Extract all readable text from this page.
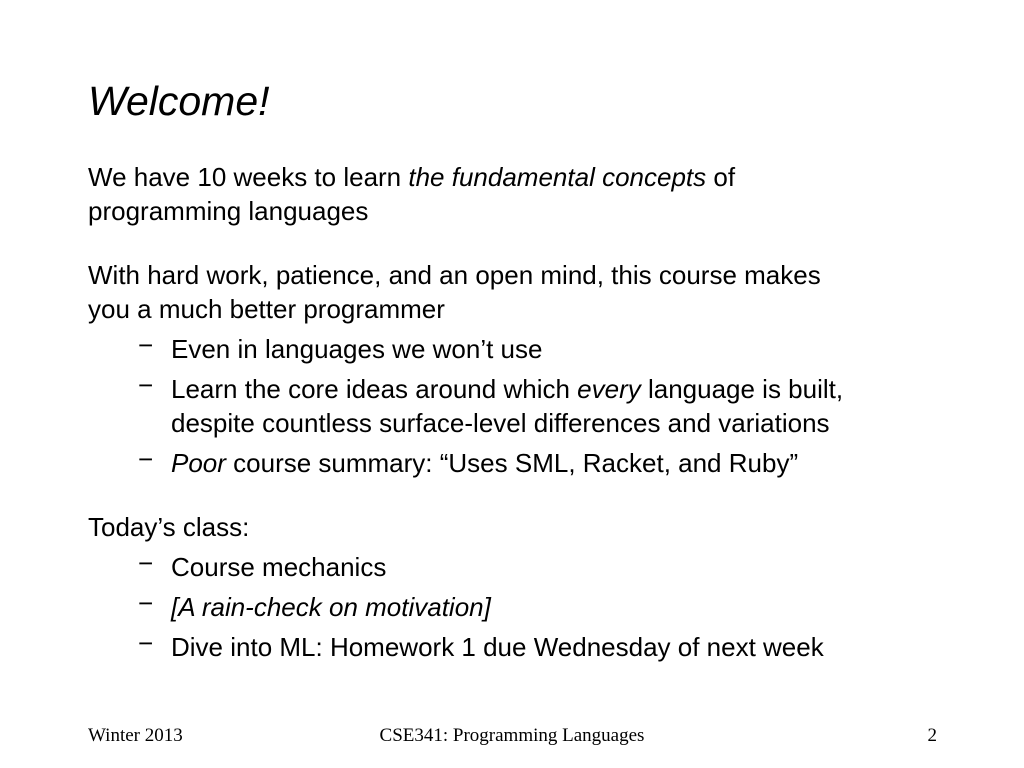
Welcome!

We have 10 weeks to learn the fundamental concepts of
programming languages

With hard work, patience, and an open mind, this course makes
you a much better programmer

− Even in languages we won’t use

− Learn the core ideas around which every language is built,
despite countless surface-level differences and variations

− Poor course summary: “Uses SML, Racket, and Ruby”

Today’s class:

− Course mechanics

− [A rain-check on motivation]

− Dive into ML: Homework 1 due Wednesday of next week

Winter 2013	CSE341: Programming Languages	2
